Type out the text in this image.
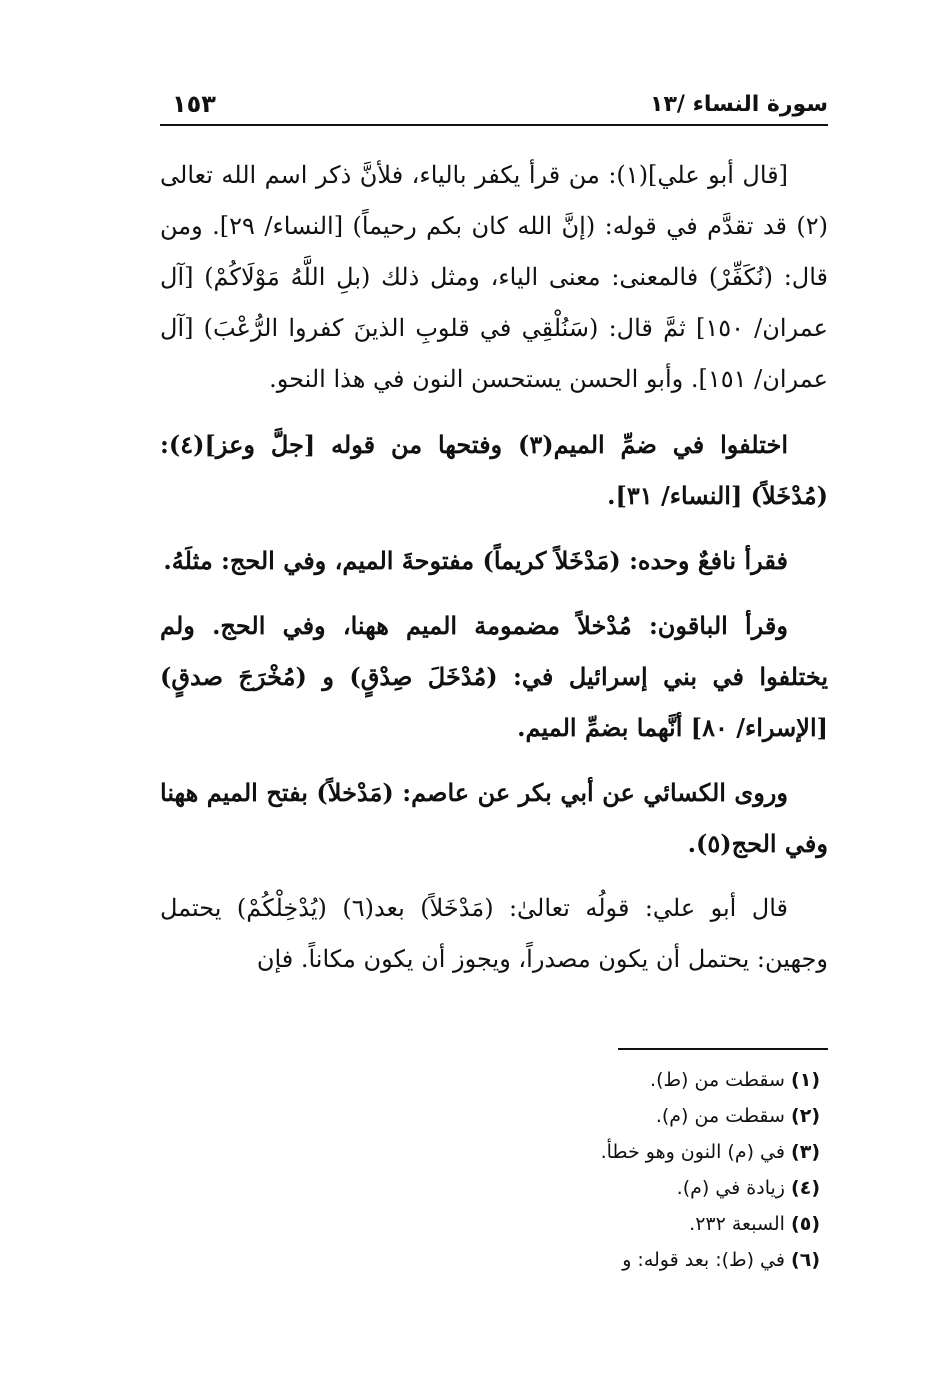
سورة النساء /١٣
١٥٣

[قال أبو علي](١): من قرأ يكفر بالياء، فلأنَّ ذكر اسم الله تعالى (٢) قد تقدَّم في قوله: (إنَّ الله كان بكم رحيماً) [النساء/ ٢٩]. ومن قال: (نُكَفِّرْ) فالمعنى: معنى الياء، ومثل ذلك (بلِ اللَّهُ مَوْلَاكُمْ) [آل عمران/ ١٥٠] ثمَّ قال: (سَنُلْقِي في قلوبِ الذينَ كفروا الرُّعْبَ) [آل عمران/ ١٥١]. وأبو الحسن يستحسن النون في هذا النحو.

اختلفوا في ضمِّ الميم(٣) وفتحها من قوله [جلَّ وعز](٤): (مُدْخَلاً) [النساء/ ٣١].

فقرأ نافعٌ وحده: (مَدْخَلاً كريماً) مفتوحةَ الميم، وفي الحج: مثلَهُ.

وقرأ الباقون: مُدْخلاً مضمومة الميم ههنا، وفي الحج. ولم يختلفوا في بني إسرائيل في: (مُدْخَلَ صِدْقٍ) و (مُخْرَجَ صدقٍ) [الإسراء/ ٨٠] أنَّهما بضمِّ الميم.

وروى الكسائي عن أبي بكر عن عاصم: (مَدْخلاً) بفتح الميم ههنا وفي الحج(٥).

قال أبو علي: قولُه تعالىٰ: (مَدْخَلاً) بعد(٦) (يُدْخِلْكُمْ) يحتمل وجهين: يحتمل أن يكون مصدراً، ويجوز أن يكون مكاناً. فإن

(١) سقطت من (ط).
(٢) سقطت من (م).
(٣) في (م) النون وهو خطأ.
(٤) زيادة في (م).
(٥) السبعة ٢٣٢.
(٦) في (ط): بعد قوله: و
